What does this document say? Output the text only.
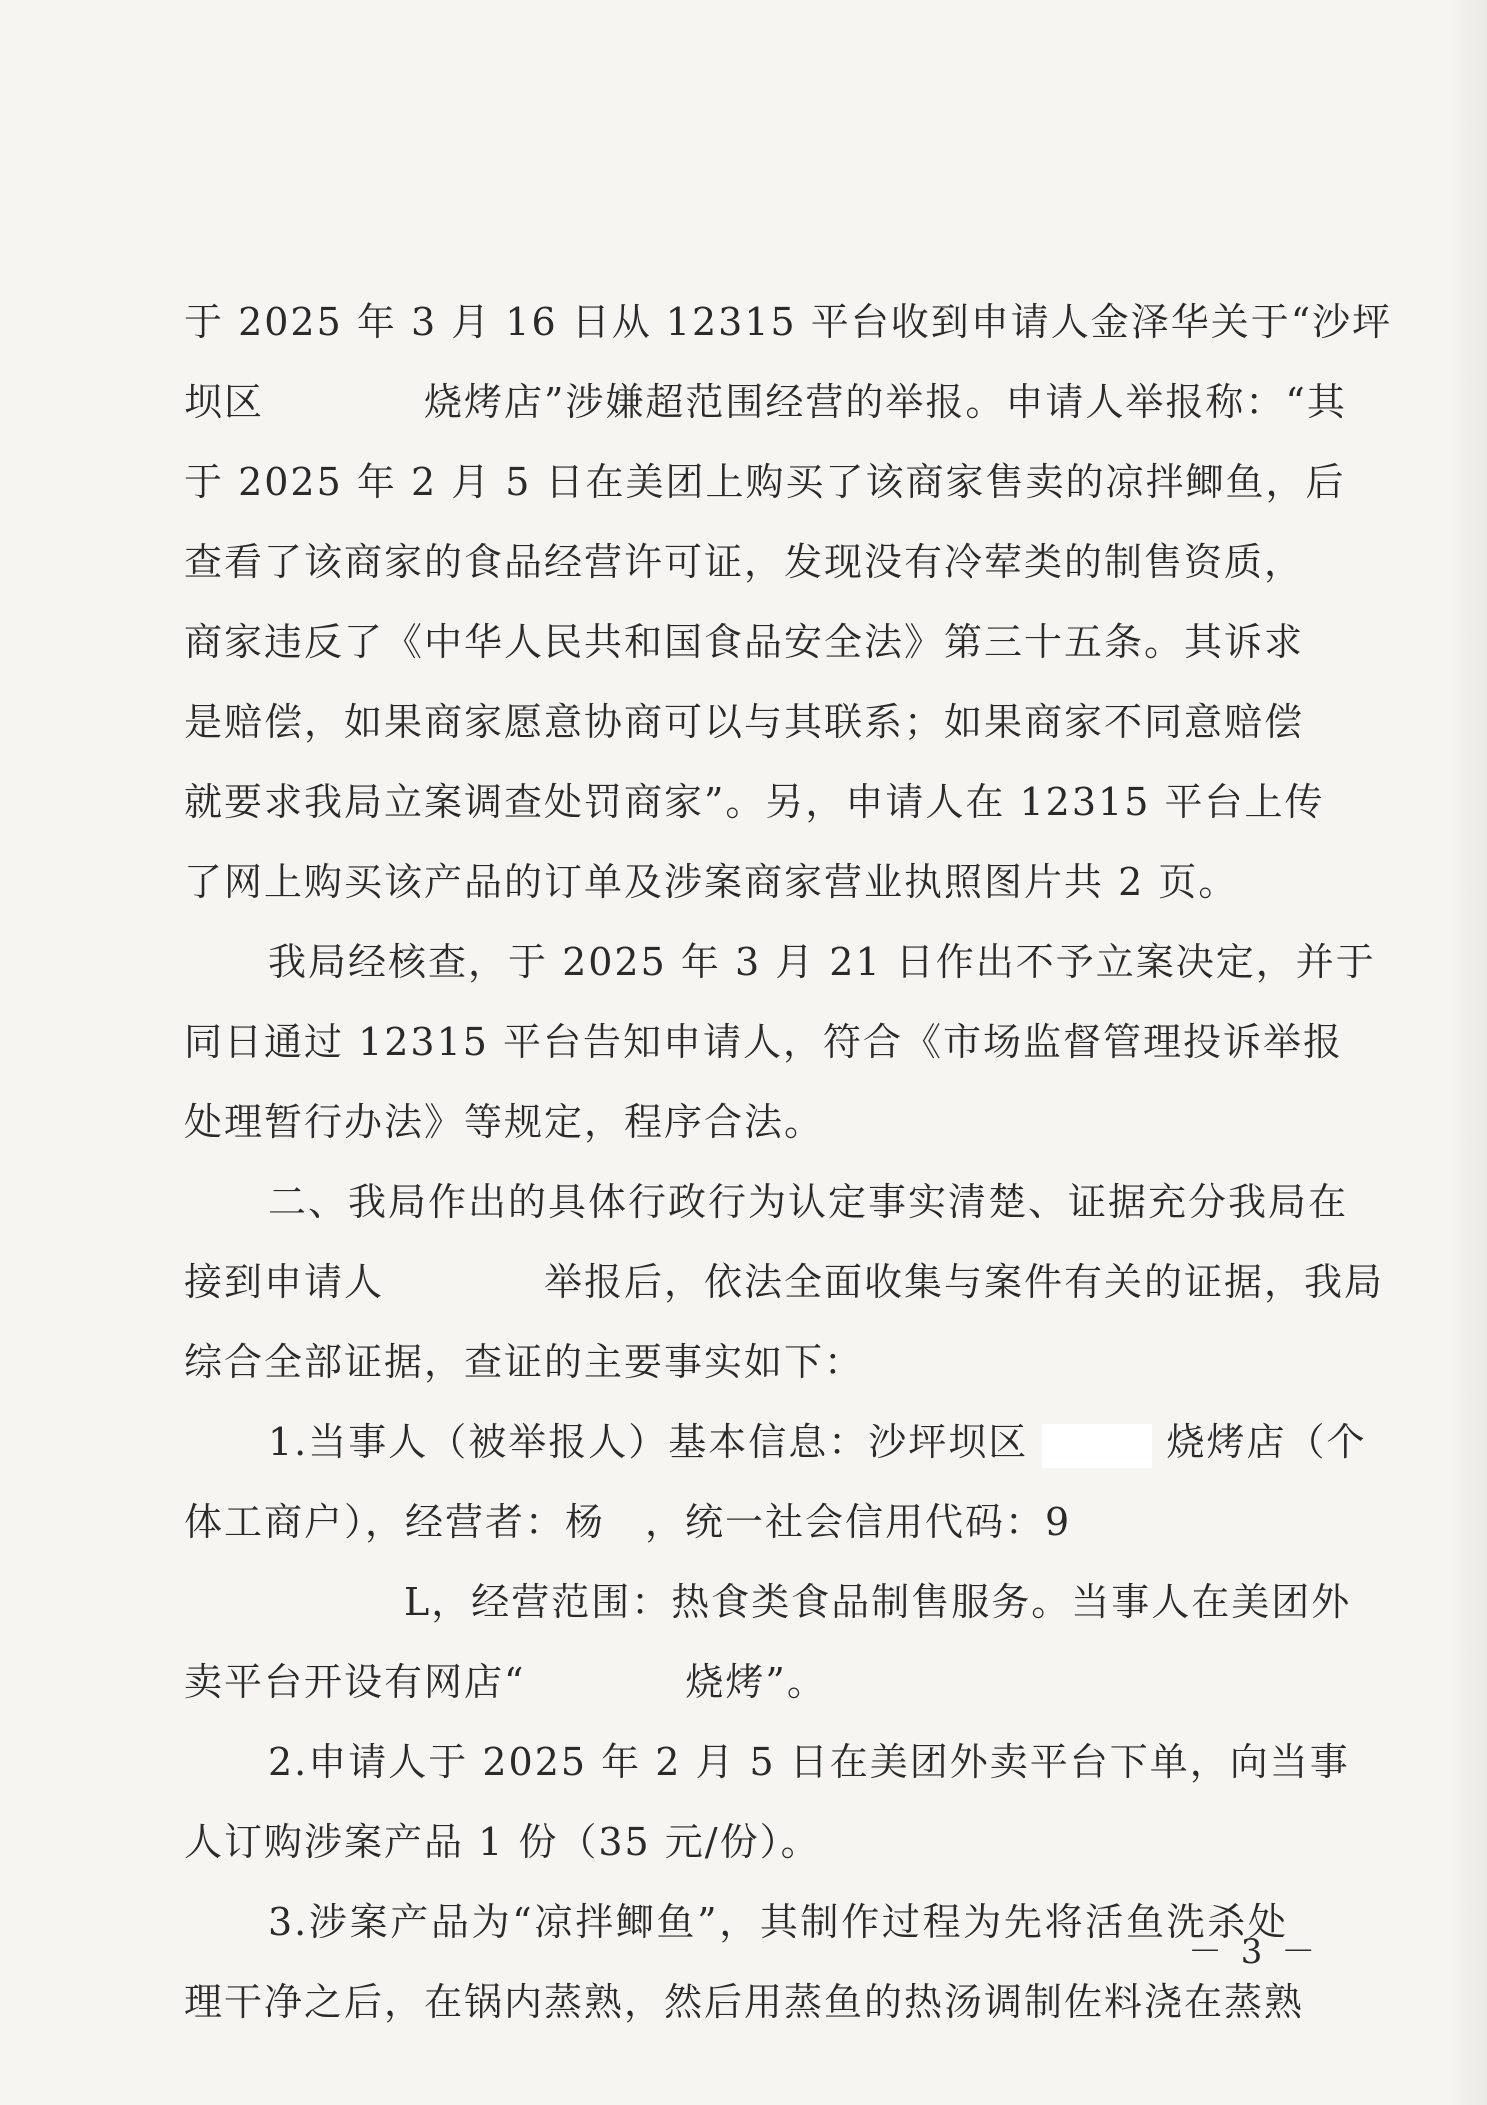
于 2025 年 3 月 16 日从 12315 平台收到申请人金泽华关于“沙坪
坝区　　　　烧烤店”涉嫌超范围经营的举报。申请人举报称：“其
于 2025 年 2 月 5 日在美团上购买了该商家售卖的凉拌鲫鱼，后
查看了该商家的食品经营许可证，发现没有冷荤类的制售资质，
商家违反了《中华人民共和国食品安全法》第三十五条。其诉求
是赔偿，如果商家愿意协商可以与其联系；如果商家不同意赔偿
就要求我局立案调查处罚商家”。另，申请人在 12315 平台上传
了网上购买该产品的订单及涉案商家营业执照图片共 2 页。

我局经核查，于 2025 年 3 月 21 日作出不予立案决定，并于
同日通过 12315 平台告知申请人，符合《市场监督管理投诉举报
处理暂行办法》等规定，程序合法。

二、我局作出的具体行政行为认定事实清楚、证据充分我局在
接到申请人　　　　举报后，依法全面收集与案件有关的证据，我局
综合全部证据，查证的主要事实如下：

1.当事人（被举报人）基本信息：沙坪坝区	烧烤店（个
体工商户），经营者：杨　，统一社会信用代码：9
　　　L，经营范围：热食类食品制售服务。当事人在美团外
卖平台开设有网店“　　　　烧烤”。

2.申请人于 2025 年 2 月 5 日在美团外卖平台下单，向当事
人订购涉案产品 1 份（35 元/份）。

3.涉案产品为“凉拌鲫鱼”，其制作过程为先将活鱼洗杀处
理干净之后，在锅内蒸熟，然后用蒸鱼的热汤调制佐料浇在蒸熟

－ 3 －
